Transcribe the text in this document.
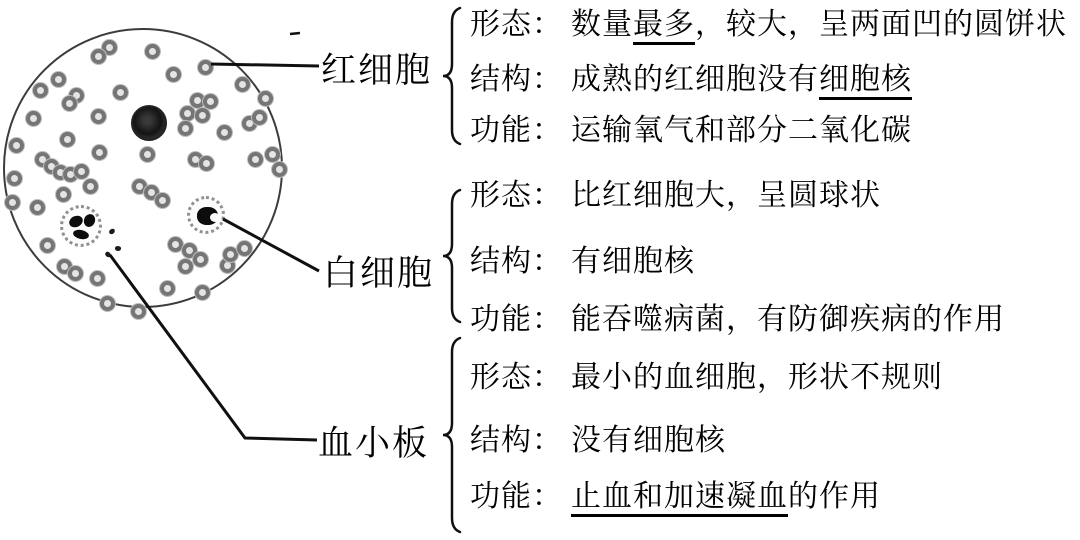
红细胞
白细胞
血小板
形态： 数量最多，较大，呈两面凹的圆饼状
结构： 成熟的红细胞没有细胞核
功能： 运输氧气和部分二氧化碳
形态： 比红细胞大，呈圆球状
结构： 有细胞核
功能： 能吞噬病菌，有防御疾病的作用
形态： 最小的血细胞，形状不规则
结构： 没有细胞核
功能： 止血和加速凝血的作用
